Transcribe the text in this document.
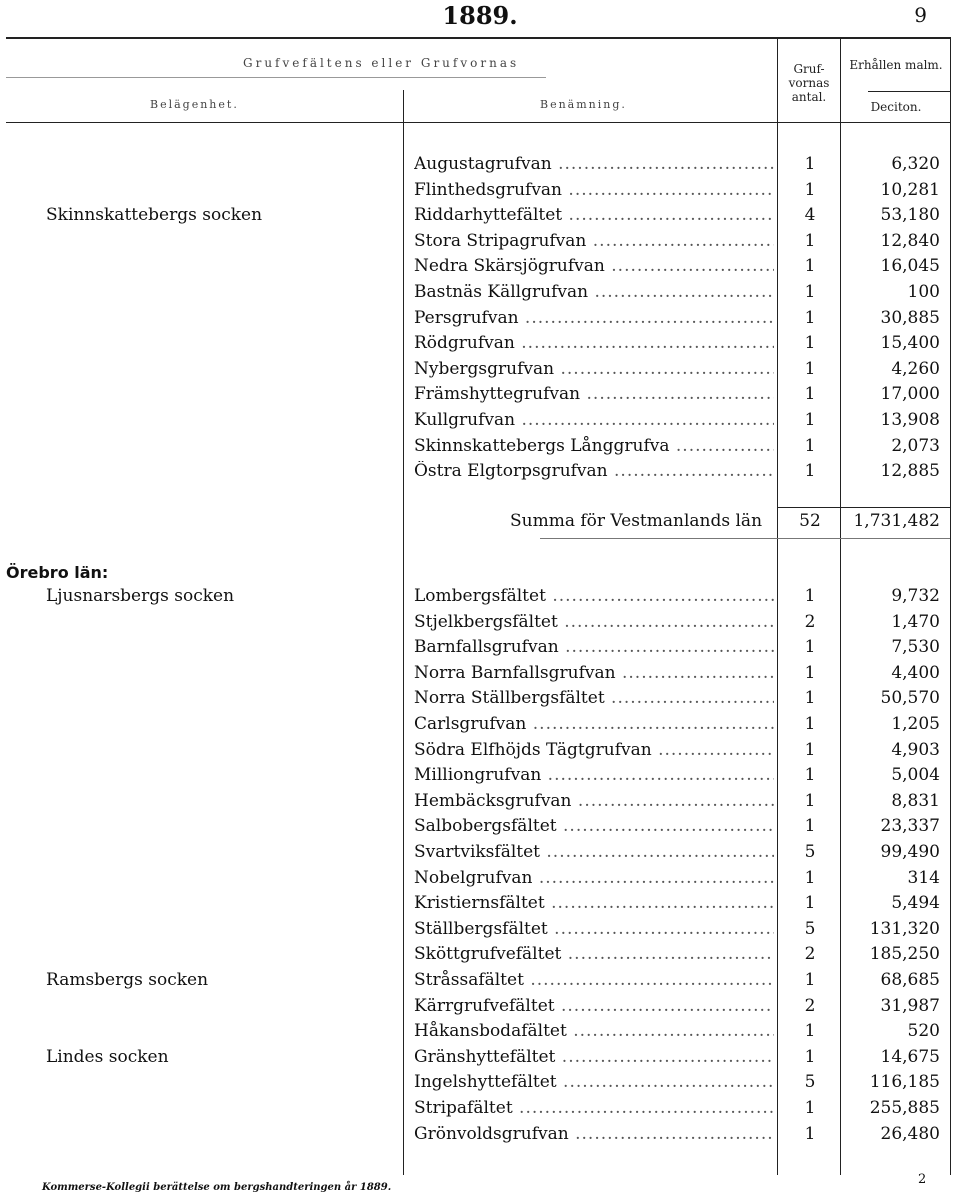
1889.	9
Grufvefältens eller Grufvornas
Belägenhet.	Benämning.
Gruf-
vornas
antal.
Erhållen malm.
Deciton.
Augustagrufvan .....	1	6,320
Flinthedsgrufvan .....	1	10,281
Skinnskattebergs socken	Riddarhyttefältet .....	4	53,180
Stora Stripagrufvan .....	1	12,840
Nedra Skärsjögrufvan .....	1	16,045
Bastnäs Källgrufvan .....	1	100
Persgrufvan .....	1	30,885
Rödgrufvan .....	1	15,400
Nybergsgrufvan .....	1	4,260
Främshyttegrufvan .....	1	17,000
Kullgrufvan .....	1	13,908
Skinnskattebergs Långgrufva .....	1	2,073
Östra Elgtorpsgrufvan .....	1	12,885
Summa för Vestmanlands län	52	1,731,482
Örebro län:
Ljusnarsbergs socken	Lombergsfältet .....	1	9,732
Stjelkbergsfältet .....	2	1,470
Barnfallsgrufvan .....	1	7,530
Norra Barnfallsgrufvan .....	1	4,400
Norra Ställbergsfältet .....	1	50,570
Carlsgrufvan .....	1	1,205
Södra Elfhöjds Tägtgrufvan .....	1	4,903
Milliongrufvan .....	1	5,004
Hembäcksgrufvan .....	1	8,831
Salbobergsfältet .....	1	23,337
Svartviksfältet .....	5	99,490
Nobelgrufvan .....	1	314
Kristiernsfältet .....	1	5,494
Ställbergsfältet .....	5	131,320
Sköttgrufvefältet .....	2	185,250
Ramsbergs socken	Stråssafältet .....	1	68,685
Kärrgrufvefältet .....	2	31,987
Håkansbodafältet .....	1	520
Lindes socken	Gränshyttefältet .....	1	14,675
Ingelshyttefältet .....	5	116,185
Stripafältet .....	1	255,885
Grönvoldsgrufvan .....	1	26,480
Kommerse-Kollegii berättelse om bergshandteringen år 1889.
2
